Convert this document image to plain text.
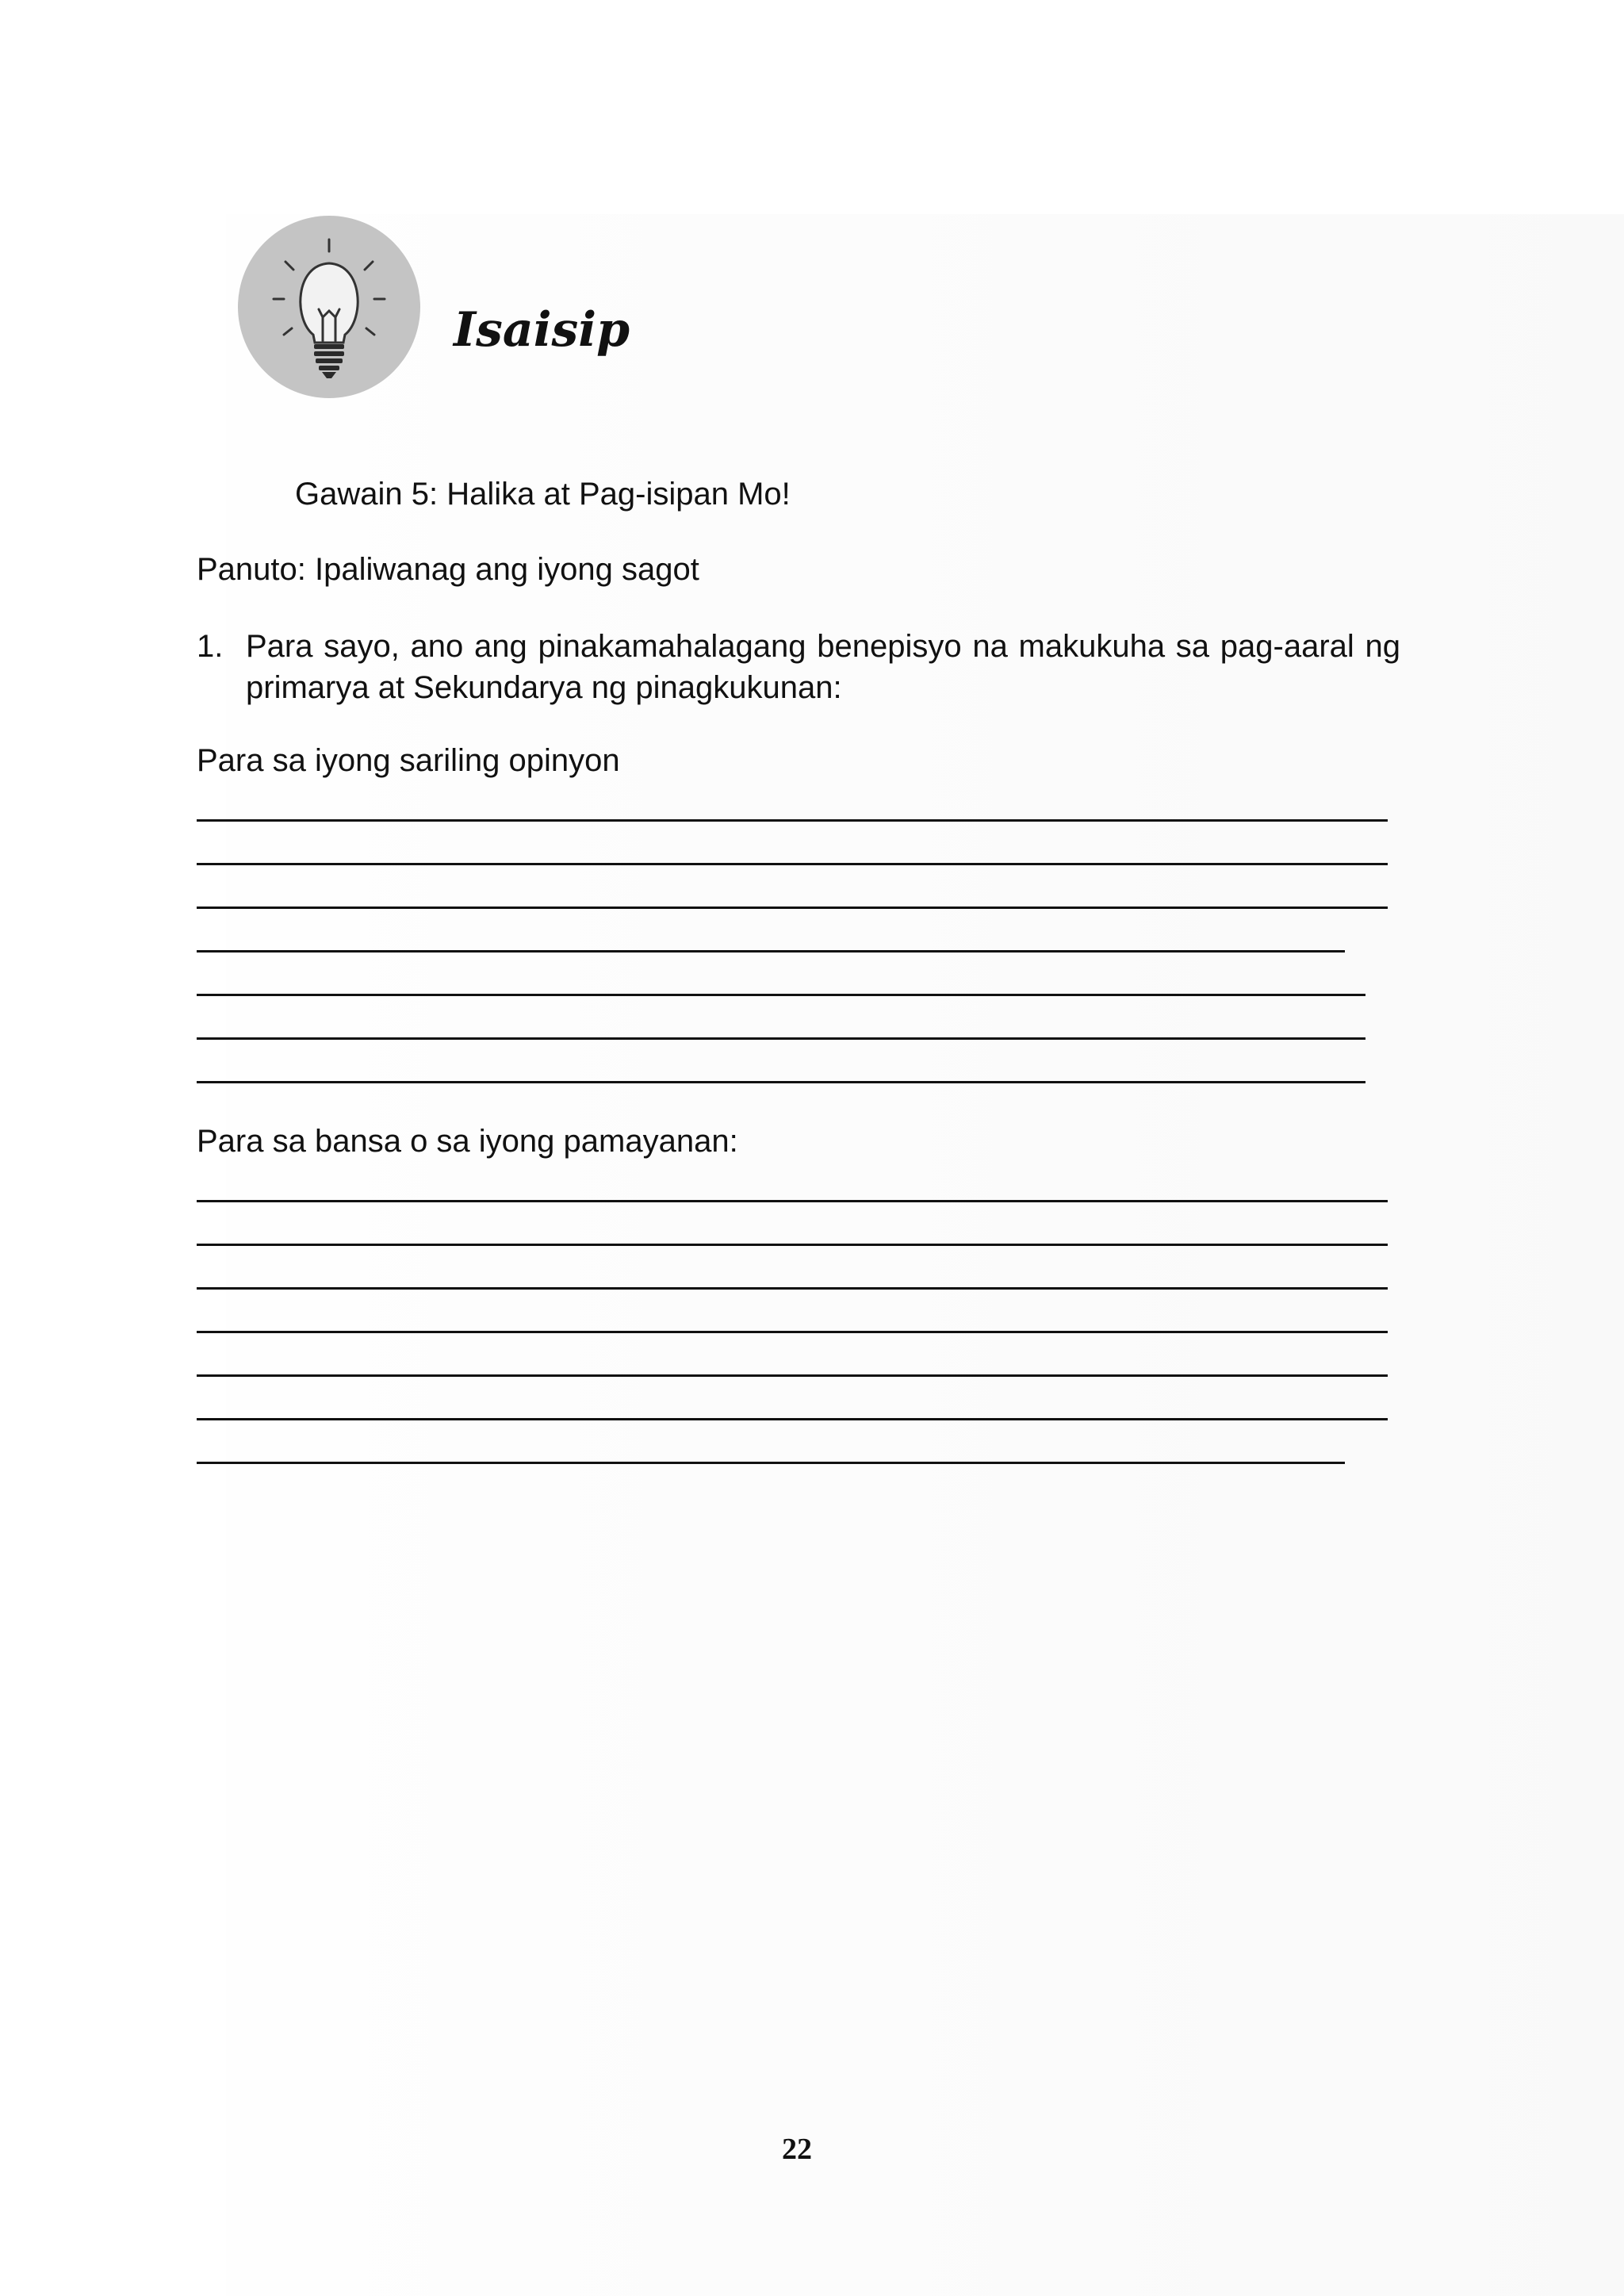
Isaisip
Gawain 5: Halika at Pag-isipan Mo!
Panuto: Ipaliwanag ang iyong sagot
1. Para sayo, ano ang pinakamahalagang benepisyo na makukuha sa pag-aaral ng primarya at Sekundarya ng pinagkukunan:
Para sa iyong sariling opinyon
Para sa bansa o sa iyong pamayanan:
22
